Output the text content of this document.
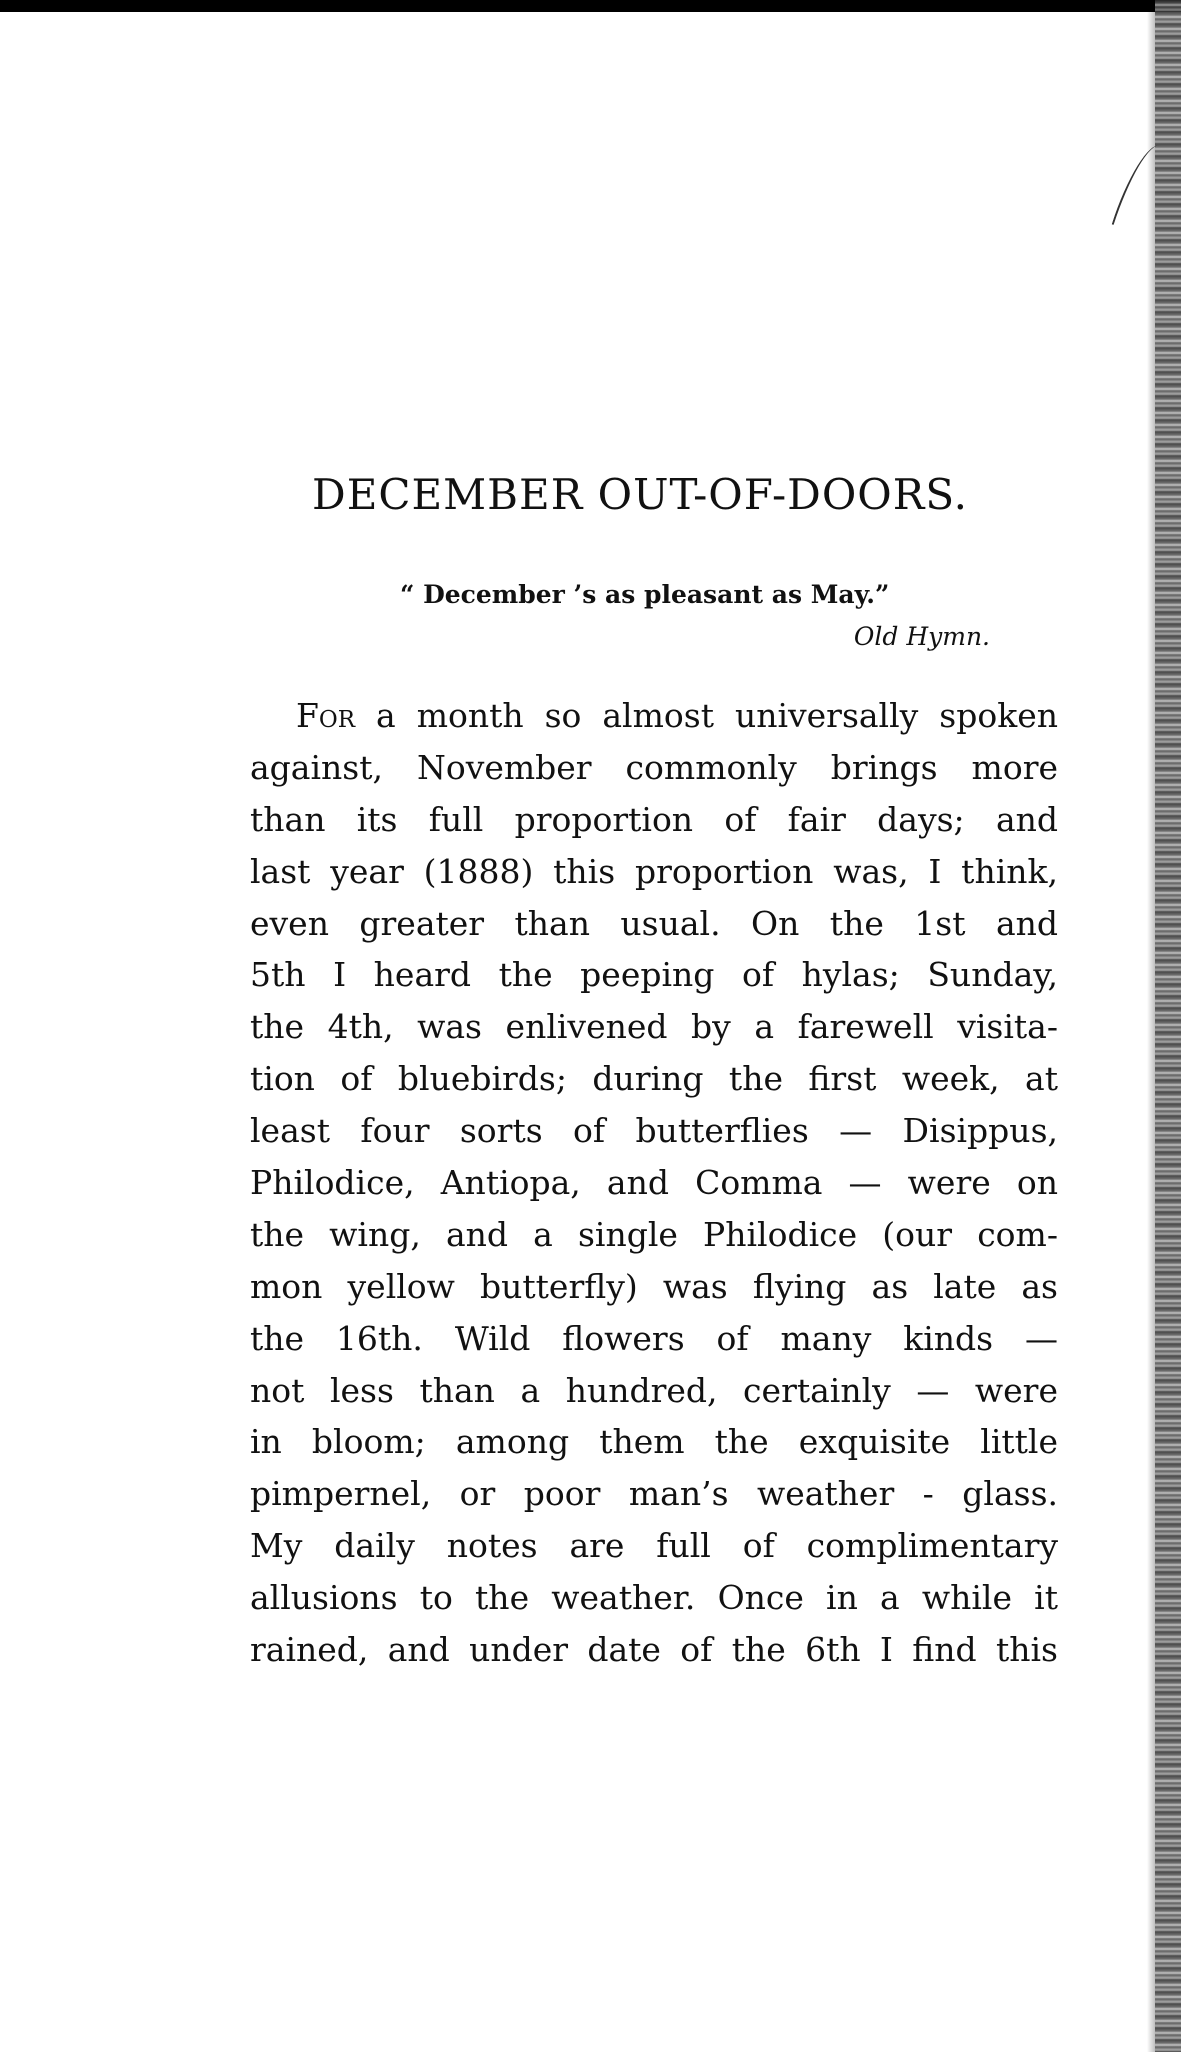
DECEMBER OUT-OF-DOORS.
“ December ’s as pleasant as May.”
Old Hymn.
For a month so almost universally spoken
against, November commonly brings more
than its full proportion of fair days; and
last year (1888) this proportion was, I think,
even greater than usual. On the 1st and
5th I heard the peeping of hylas; Sunday,
the 4th, was enlivened by a farewell visita-
tion of bluebirds; during the first week, at
least four sorts of butterflies — Disippus,
Philodice, Antiopa, and Comma — were on
the wing, and a single Philodice (our com-
mon yellow butterfly) was flying as late as
the 16th. Wild flowers of many kinds —
not less than a hundred, certainly — were
in bloom; among them the exquisite little
pimpernel, or poor man’s weather - glass.
My daily notes are full of complimentary
allusions to the weather. Once in a while it
rained, and under date of the 6th I find this
